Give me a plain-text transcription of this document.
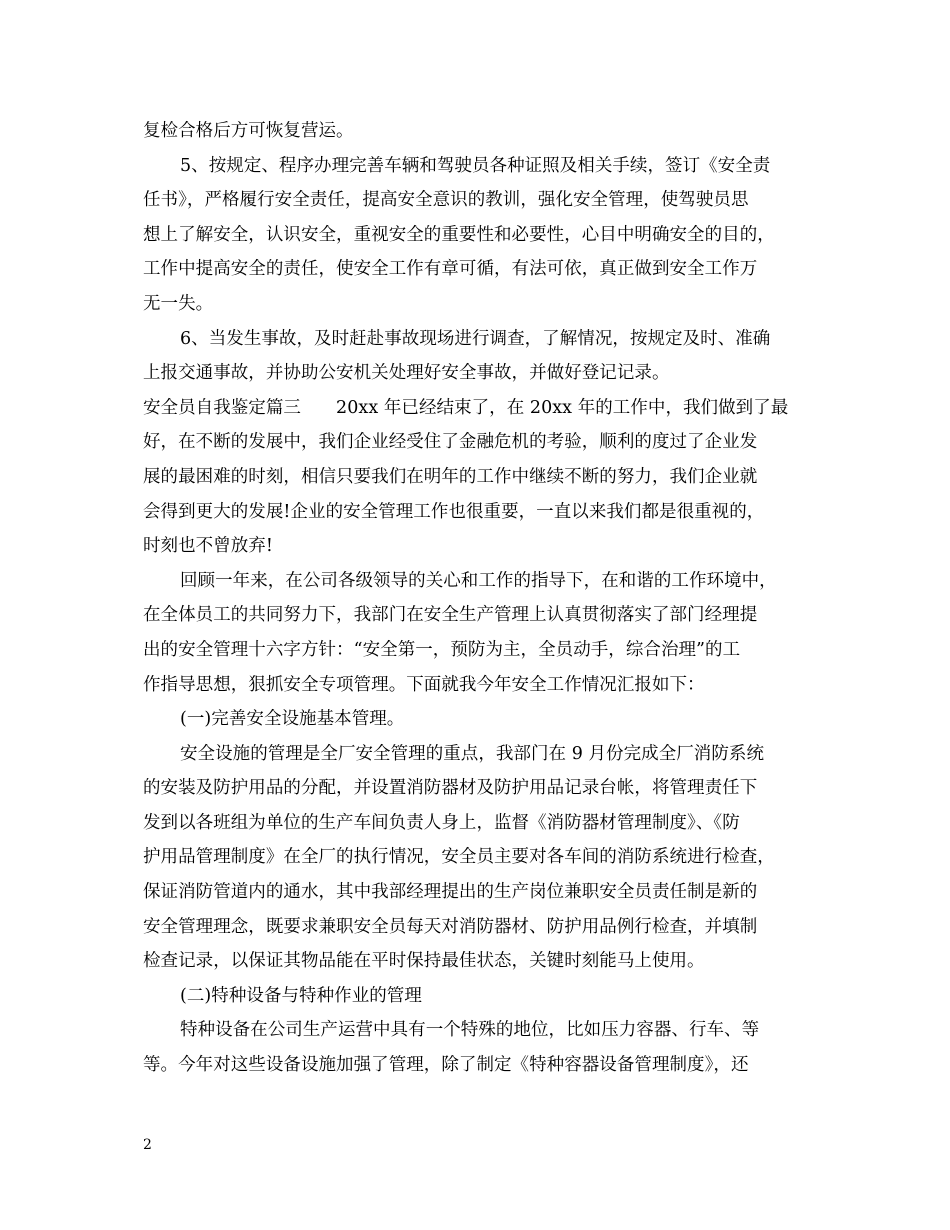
复检合格后方可恢复营运。
5、按规定、程序办理完善车辆和驾驶员各种证照及相关手续，签订《安全责
任书》，严格履行安全责任，提高安全意识的教训，强化安全管理，使驾驶员思
想上了解安全，认识安全，重视安全的重要性和必要性，心目中明确安全的目的，
工作中提高安全的责任，使安全工作有章可循，有法可依，真正做到安全工作万
无一失。
6、当发生事故，及时赶赴事故现场进行调查，了解情况，按规定及时、准确
上报交通事故，并协助公安机关处理好安全事故，并做好登记记录。
安全员自我鉴定篇三　　20xx 年已经结束了，在 20xx 年的工作中，我们做到了最
好，在不断的发展中，我们企业经受住了金融危机的考验，顺利的度过了企业发
展的最困难的时刻，相信只要我们在明年的工作中继续不断的努力，我们企业就
会得到更大的发展!企业的安全管理工作也很重要，一直以来我们都是很重视的，
时刻也不曾放弃!
回顾一年来，在公司各级领导的关心和工作的指导下，在和谐的工作环境中，
在全体员工的共同努力下，我部门在安全生产管理上认真贯彻落实了部门经理提
出的安全管理十六字方针：“安全第一，预防为主，全员动手，综合治理”的工
作指导思想，狠抓安全专项管理。下面就我今年安全工作情况汇报如下：
(一)完善安全设施基本管理。
安全设施的管理是全厂安全管理的重点，我部门在 9 月份完成全厂消防系统
的安装及防护用品的分配，并设置消防器材及防护用品记录台帐，将管理责任下
发到以各班组为单位的生产车间负责人身上，监督《消防器材管理制度》、《防
护用品管理制度》在全厂的执行情况，安全员主要对各车间的消防系统进行检查，
保证消防管道内的通水，其中我部经理提出的生产岗位兼职安全员责任制是新的
安全管理理念，既要求兼职安全员每天对消防器材、防护用品例行检查，并填制
检查记录，以保证其物品能在平时保持最佳状态，关键时刻能马上使用。
(二)特种设备与特种作业的管理
特种设备在公司生产运营中具有一个特殊的地位，比如压力容器、行车、等
等。今年对这些设备设施加强了管理，除了制定《特种容器设备管理制度》，还
2
